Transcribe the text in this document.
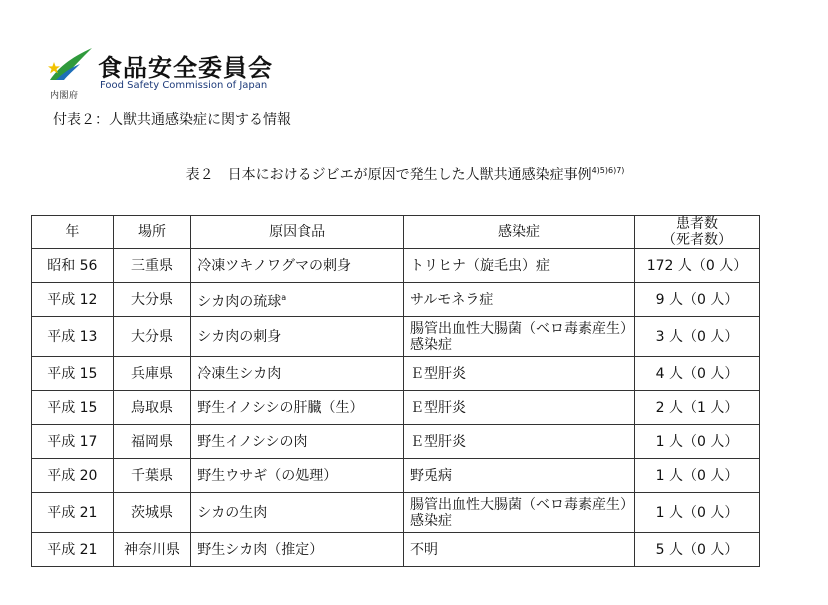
内閣府
食品安全委員会
Food Safety Commission of Japan
付表２：人獣共通感染症に関する情報
表２　日本におけるジビエが原因で発生した人獣共通感染症事例$^{4)5)6)7)}$
年	場所	原因食品	感染症	患者数
（死者数）
昭和 56	三重県	冷凍ツキノワグマの刺身	トリヒナ（旋毛虫）症	172 人（0 人）
平成 12	大分県	シカ肉の琉球$^a$	サルモネラ症	9 人（0 人）
平成 13	大分県	シカ肉の刺身	腸管出血性大腸菌（ベロ毒素産生）感染症	3 人（0 人）
平成 15	兵庫県	冷凍生シカ肉	Ｅ型肝炎	4 人（0 人）
平成 15	鳥取県	野生イノシシの肝臓（生）	Ｅ型肝炎	2 人（1 人）
平成 17	福岡県	野生イノシシの肉	Ｅ型肝炎	1 人（0 人）
平成 20	千葉県	野生ウサギ（の処理）	野兎病	1 人（0 人）
平成 21	茨城県	シカの生肉	腸管出血性大腸菌（ベロ毒素産生）感染症	1 人（0 人）
平成 21	神奈川県	野生シカ肉（推定）	不明	5 人（0 人）
